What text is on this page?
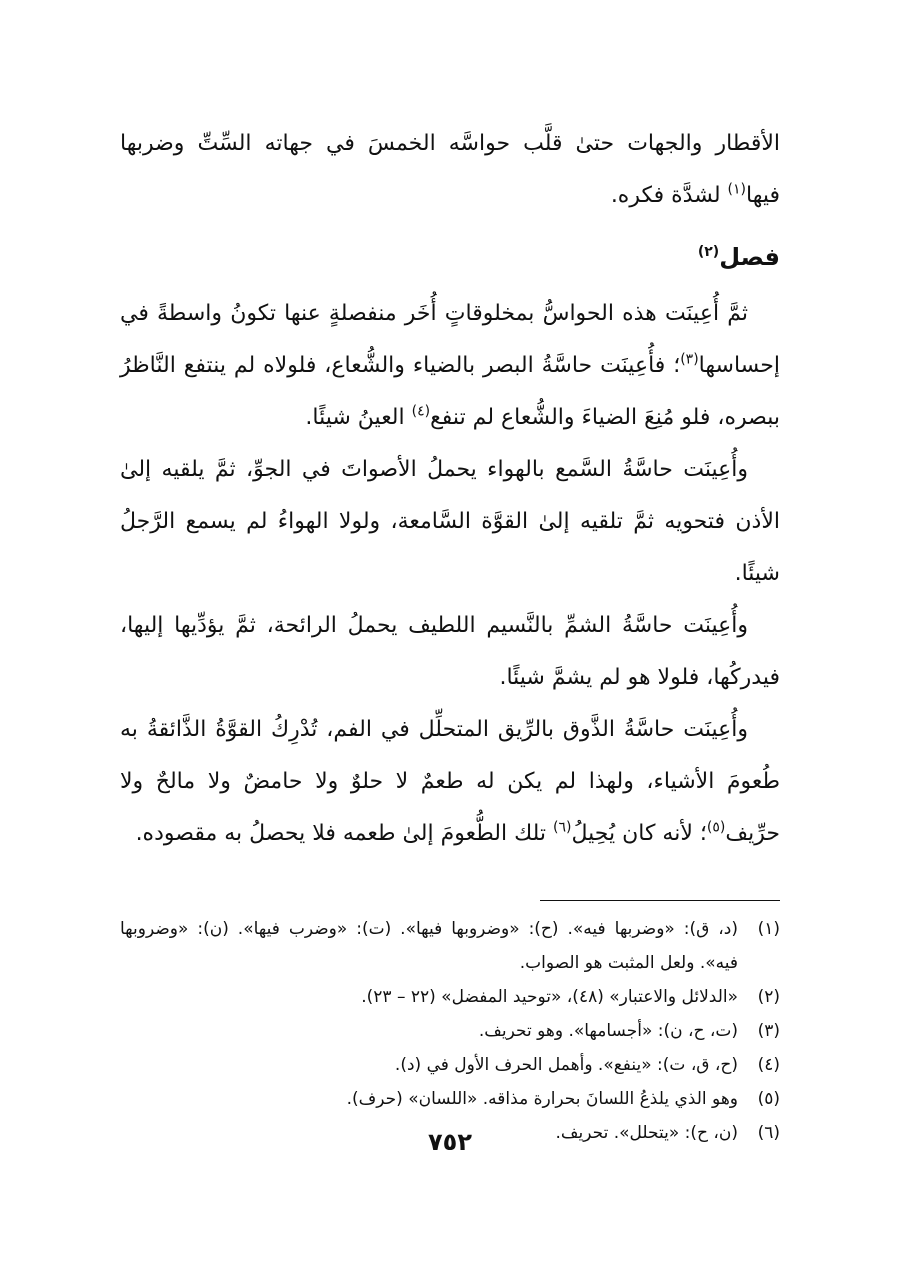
الأقطار والجهات حتىٰ قلَّب حواسَّه الخمسَ في جهاته السِّتِّ وضربها فيها$^{(١)}$ لشدَّة فكره.

فصل$^{(٢)}$

ثمَّ أُعِينَت هذه الحواسُّ بمخلوقاتٍ أُخَر منفصلةٍ عنها تكونُ واسطةً في إحساسها$^{(٣)}$؛ فأُعِينَت حاسَّةُ البصر بالضياء والشُّعاع، فلولاه لم ينتفع النَّاظرُ ببصره، فلو مُنِعَ الضياءَ والشُّعاع لم تنفع$^{(٤)}$ العينُ شيئًا.

وأُعِينَت حاسَّةُ السَّمع بالهواء يحملُ الأصواتَ في الجوِّ، ثمَّ يلقيه إلىٰ الأذن فتحويه ثمَّ تلقيه إلىٰ القوَّة السَّامعة، ولولا الهواءُ لم يسمع الرَّجلُ شيئًا.

وأُعِينَت حاسَّةُ الشمِّ بالنَّسيم اللطيف يحملُ الرائحة، ثمَّ يؤدِّيها إليها، فيدركُها، فلولا هو لم يشمَّ شيئًا.

وأُعِينَت حاسَّةُ الذَّوق بالرِّيق المتحلِّل في الفم، تُدْرِكُ القوَّةُ الذَّائقةُ به طُعومَ الأشياء، ولهذا لم يكن له طعمٌ لا حلوٌ ولا حامضٌ ولا مالحٌ ولا حرِّيف$^{(٥)}$؛ لأنه كان يُحِيلُ$^{(٦)}$ تلك الطُّعومَ إلىٰ طعمه فلا يحصلُ به مقصوده.

(١)
(د، ق): «وضربها فيه». (ح): «وضروبها فيها». (ت): «وضرب فيها». (ن): «وضروبها فيه». ولعل المثبت هو الصواب.
(٢)
«الدلائل والاعتبار» (٤٨)، «توحيد المفضل» (٢٢ – ٢٣).
(٣)
(ت، ح، ن): «أجسامها». وهو تحريف.
(٤)
(ح، ق، ت): «ينفع». وأهمل الحرف الأول في (د).
(٥)
وهو الذي يلذعُ اللسانَ بحرارة مذاقه. «اللسان» (حرف).
(٦)
(ن، ح): «يتحلل». تحريف.
٧٥٢
